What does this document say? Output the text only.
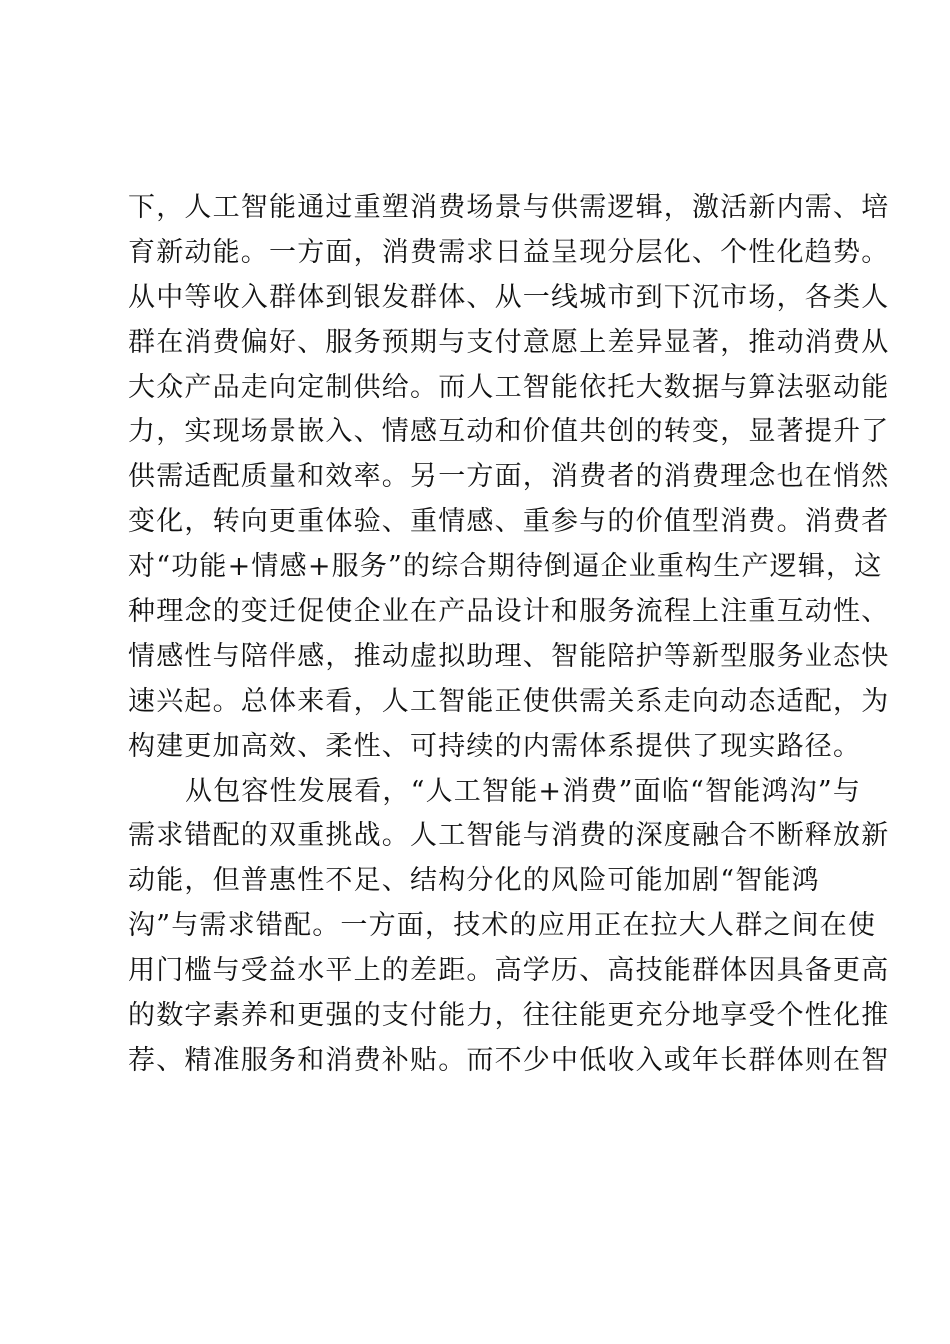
下，人工智能通过重塑消费场景与供需逻辑，激活新内需、培
育新动能。一方面，消费需求日益呈现分层化、个性化趋势。
从中等收入群体到银发群体、从一线城市到下沉市场，各类人
群在消费偏好、服务预期与支付意愿上差异显著，推动消费从
大众产品走向定制供给。而人工智能依托大数据与算法驱动能
力，实现场景嵌入、情感互动和价值共创的转变，显著提升了
供需适配质量和效率。另一方面，消费者的消费理念也在悄然
变化，转向更重体验、重情感、重参与的价值型消费。消费者
对“功能+情感+服务”的综合期待倒逼企业重构生产逻辑，这
种理念的变迁促使企业在产品设计和服务流程上注重互动性、
情感性与陪伴感，推动虚拟助理、智能陪护等新型服务业态快
速兴起。总体来看，人工智能正使供需关系走向动态适配，为
构建更加高效、柔性、可持续的内需体系提供了现实路径。
从包容性发展看，“人工智能+消费”面临“智能鸿沟”与
需求错配的双重挑战。人工智能与消费的深度融合不断释放新
动能，但普惠性不足、结构分化的风险可能加剧“智能鸿
沟”与需求错配。一方面，技术的应用正在拉大人群之间在使
用门槛与受益水平上的差距。高学历、高技能群体因具备更高
的数字素养和更强的支付能力，往往能更充分地享受个性化推
荐、精准服务和消费补贴。而不少中低收入或年长群体则在智
